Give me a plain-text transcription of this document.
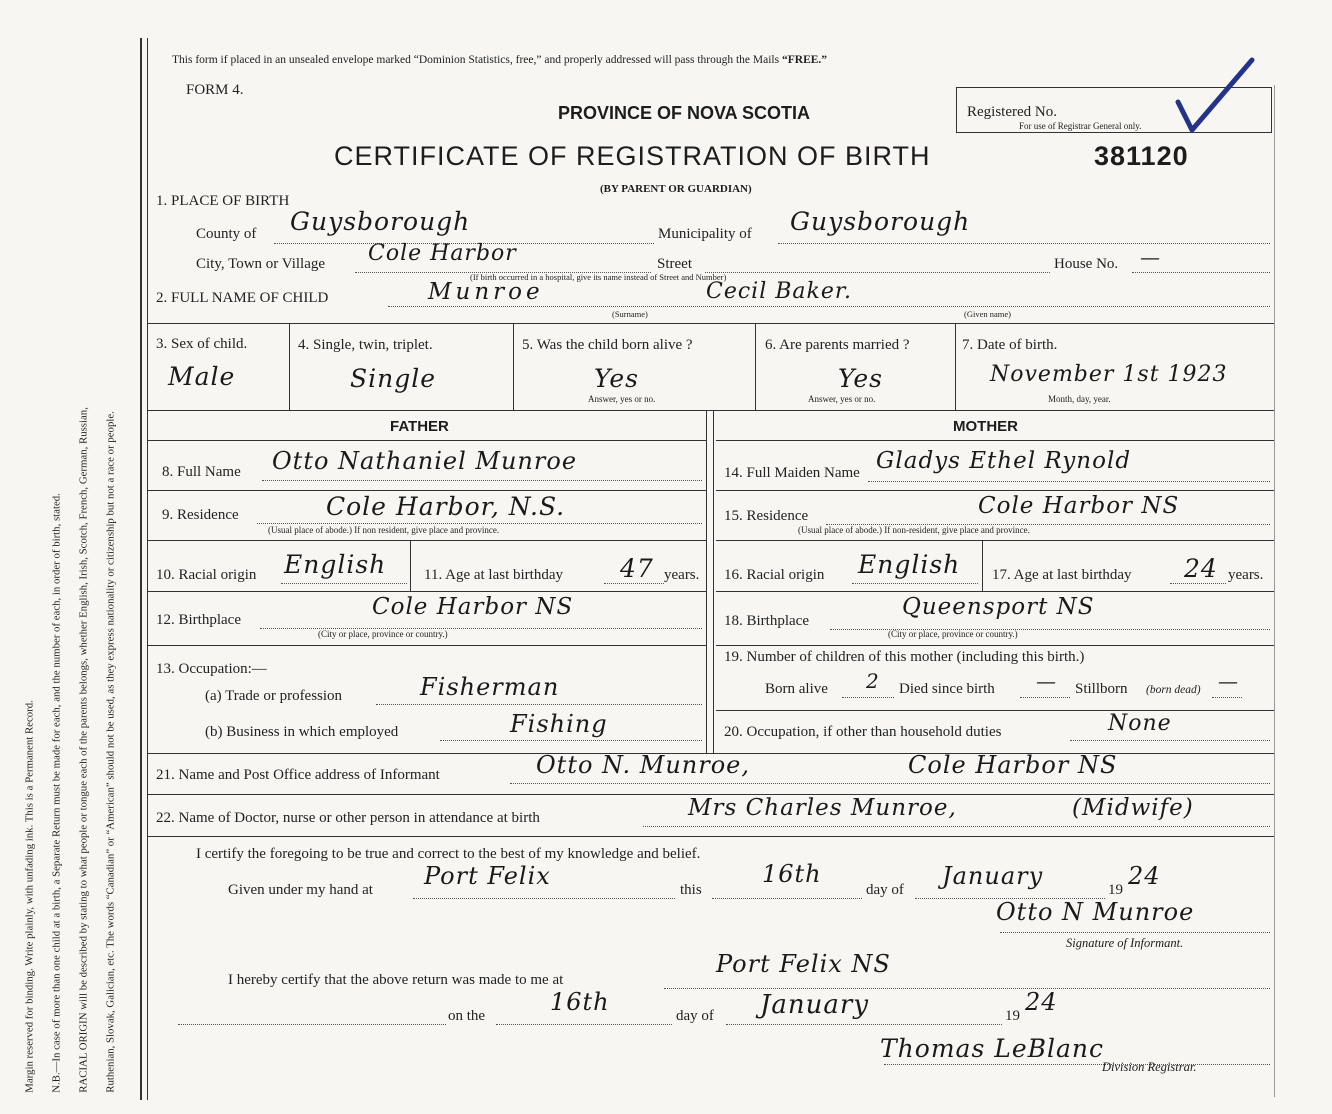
Margin reserved for binding. Write plainly, with unfading ink. This is a Permanent Record. N.B.—In case of more than one child at a birth, a Separate Return must be made for each, and the number of each, in order of birth, stated. RACIAL ORIGIN will be described by stating to what people or tongue each of the parents belongs, whether English, Irish, Scotch, French, German, Russian, Ruthenian, Slovak, Galician, etc. The words “Canadian” or “American” should not be used, as they express nationality or citizenship but not a race or people.

This form if placed in an unsealed envelope marked “Dominion Statistics, free,” and properly addressed will pass through the Mails “FREE.”
FORM 4.
PROVINCE OF NOVA SCOTIA	Registered No.
For use of Registrar General only.
CERTIFICATE OF REGISTRATION OF BIRTH	381120
(BY PARENT OR GUARDIAN)
1. PLACE OF BIRTH
County of Guysborough	Municipality of Guysborough
City, Town or Village Cole Harbor	Street	House No. —
(If birth occurred in a hospital, give its name instead of Street and Number)
2. FULL NAME OF CHILD	Munroe	Cecil Baker.
(Surname)	(Given name)
3. Sex of child.
Male
4. Single, twin, triplet.
Single
5. Was the child born alive ?
Yes
Answer, yes or no.
6. Are parents married ?
Yes
Answer, yes or no.
7. Date of birth.
November 1st 1923
Month, day, year.
FATHER	MOTHER
8. Full Name Otto Nathaniel Munroe
9. Residence	Cole Harbor, N.S.
(Usual place of abode.) If non resident, give place and province.
10. Racial origin English	11. Age at last birthday 47 years.
12. Birthplace	Cole Harbor NS
(City or place, province or country.)
13. Occupation:—
(a) Trade or profession	Fisherman
(b) Business in which employed	Fishing
14. Full Maiden Name Gladys Ethel Rynold
15. Residence	Cole Harbor NS
(Usual place of abode.) If non-resident, give place and province.
16. Racial origin English 17. Age at last birthday 24 years.
18. Birthplace
Queensport NS
(City or place, province or country.)
19. Number of children of this mother (including this birth.)
Born alive 2 Died since birth — Stillborn (born dead) —
20. Occupation, if other than household duties	None
21. Name and Post Office address of Informant	Otto N. Munroe,	Cole Harbor NS
22. Name of Doctor, nurse or other person in attendance at birth	Mrs Charles Munroe,	(Midwife)
I certify the foregoing to be true and correct to the best of my knowledge and belief.
Given under my hand at Port Felix	this
16th
day of January	19 24
Otto N Munroe
Signature of Informant.
I hereby certify that the above return was made to me at
Port Felix NS
on the	16th	day of January	19 24
Thomas LeBlanc
Division Registrar.
